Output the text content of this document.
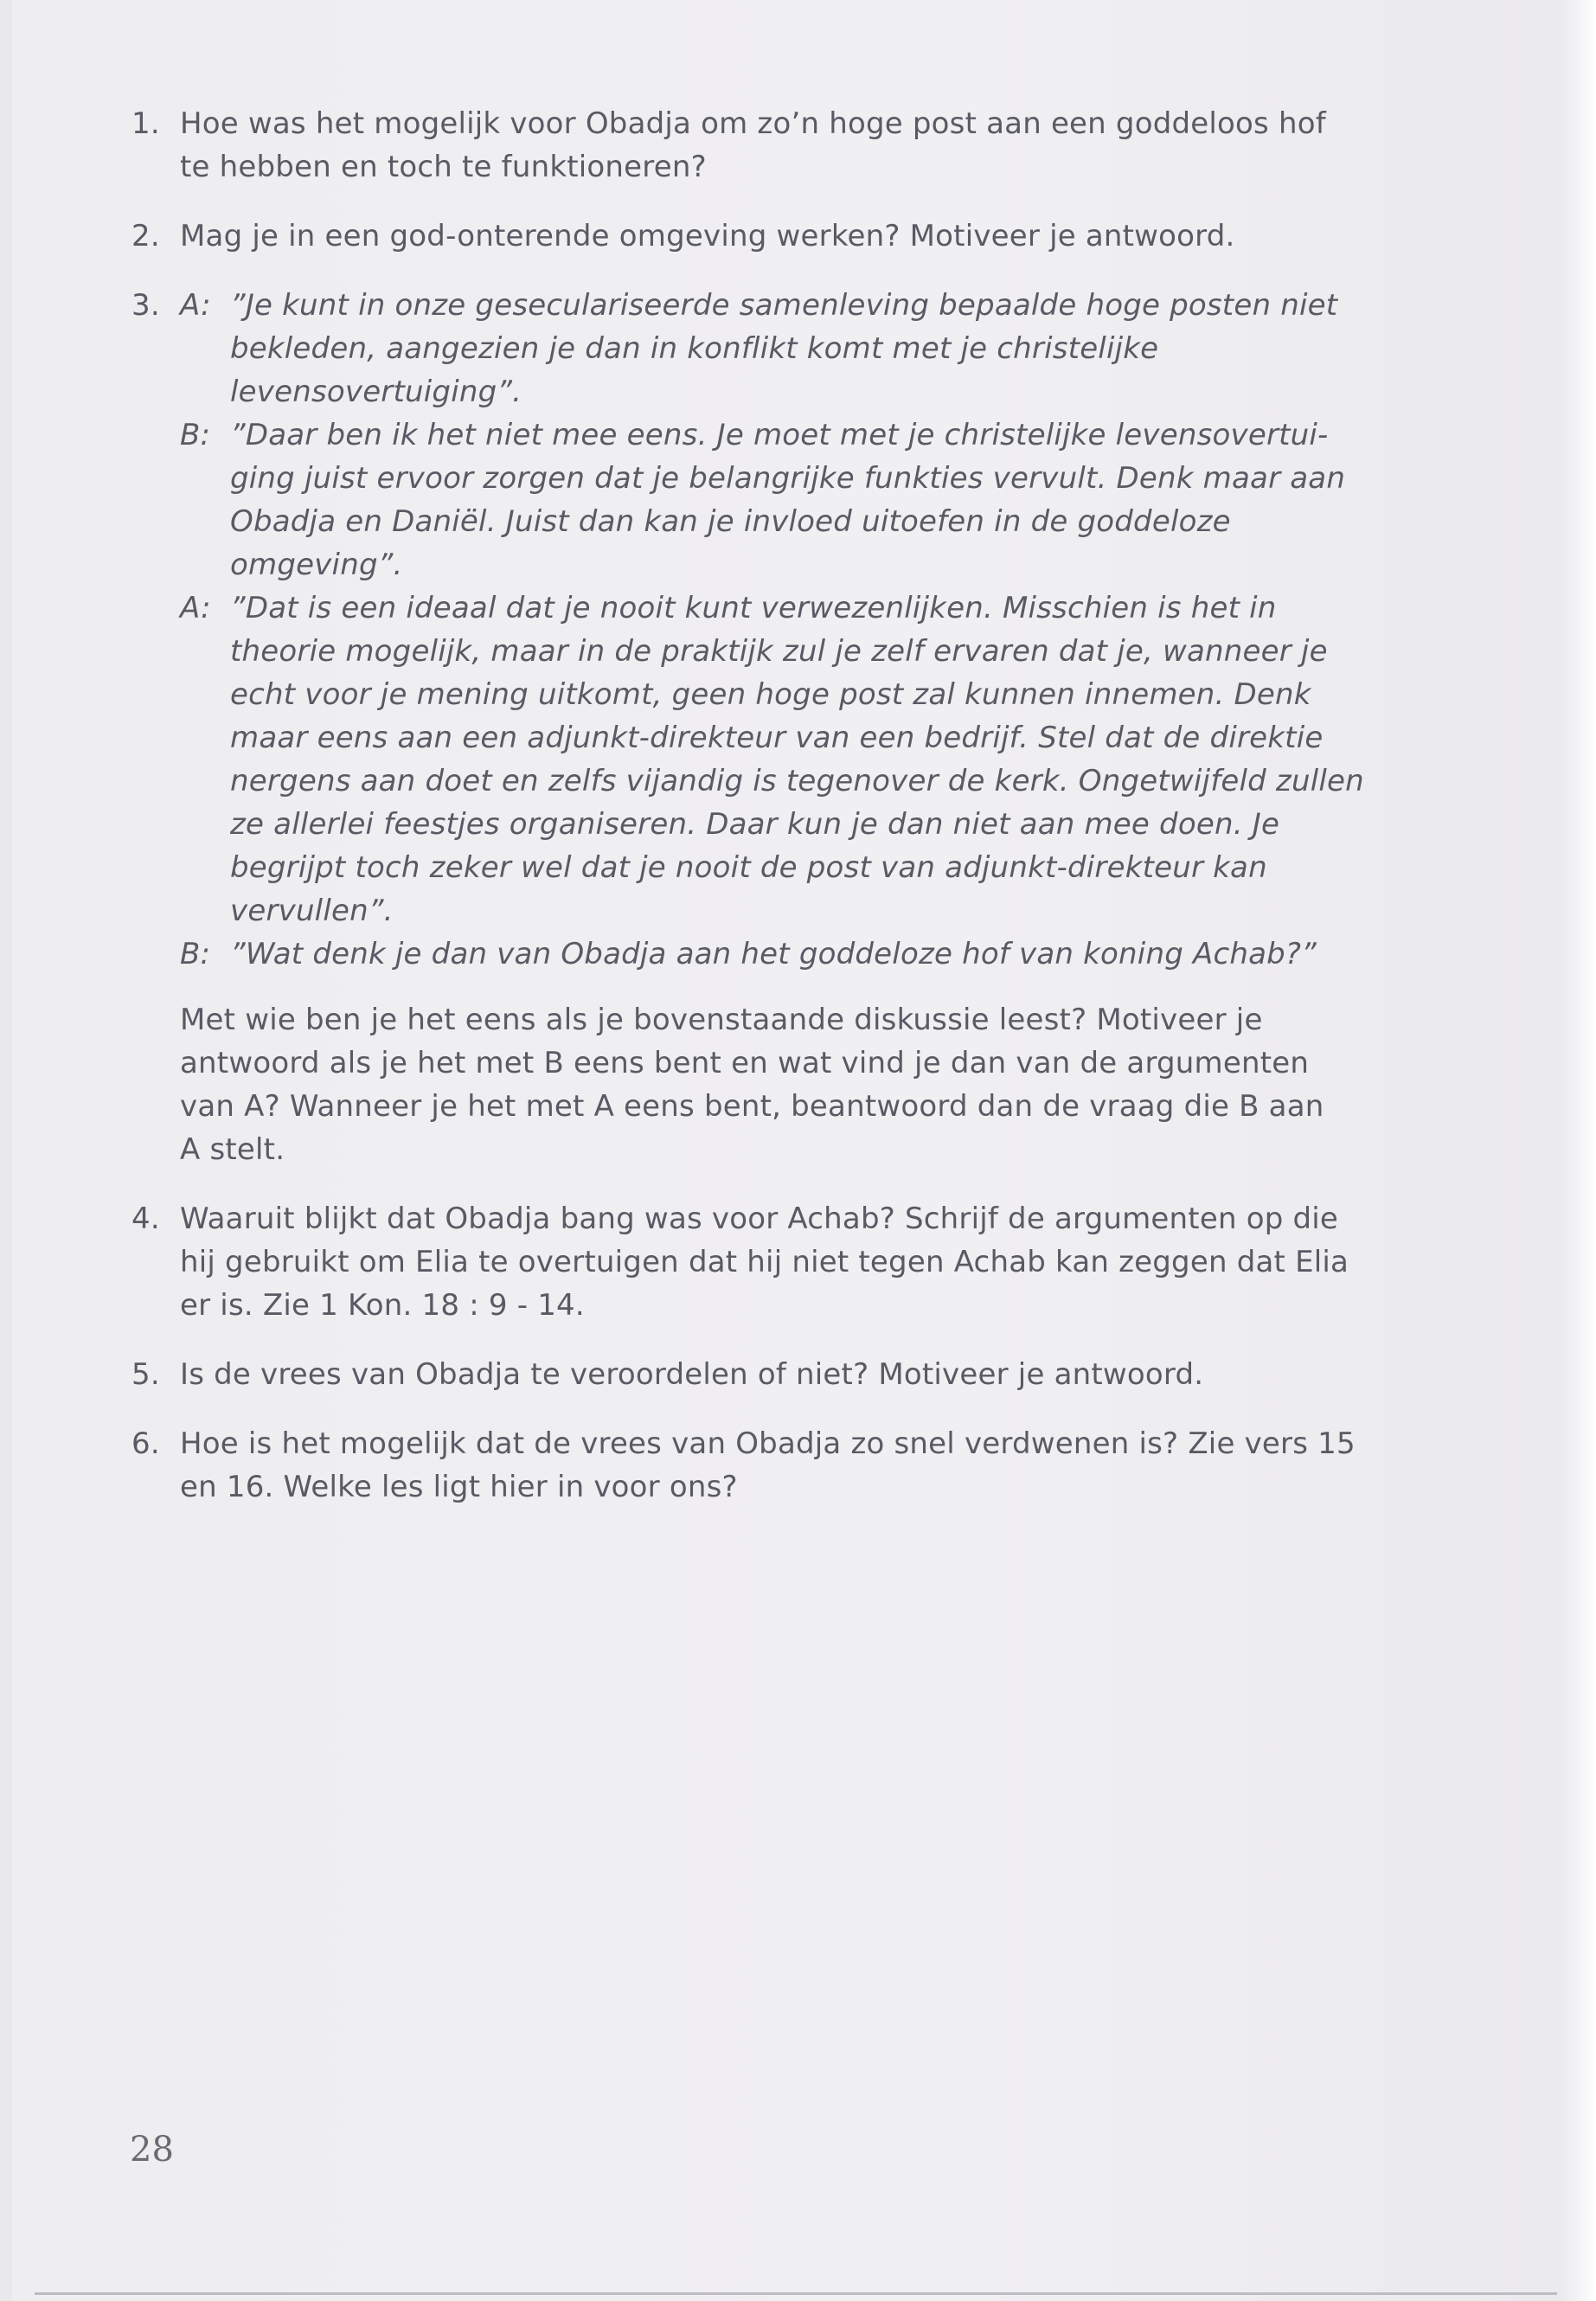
1. Hoe was het mogelijk voor Obadja om zo’n hoge post aan een goddeloos hof
te hebben en toch te funktioneren?
2. Mag je in een god-onterende omgeving werken? Motiveer je antwoord.
3. A: ”Je kunt in onze geseculariseerde samenleving bepaalde hoge posten niet
bekleden, aangezien je dan in konflikt komt met je christelijke
levensovertuiging”.
B: ”Daar ben ik het niet mee eens. Je moet met je christelijke levensovertui-
ging juist ervoor zorgen dat je belangrijke funkties vervult. Denk maar aan
Obadja en Daniël. Juist dan kan je invloed uitoefen in de goddeloze
omgeving”.
A: ”Dat is een ideaal dat je nooit kunt verwezenlijken. Misschien is het in
theorie mogelijk, maar in de praktijk zul je zelf ervaren dat je, wanneer je
echt voor je mening uitkomt, geen hoge post zal kunnen innemen. Denk
maar eens aan een adjunkt-direkteur van een bedrijf. Stel dat de direktie
nergens aan doet en zelfs vijandig is tegenover de kerk. Ongetwijfeld zullen
ze allerlei feestjes organiseren. Daar kun je dan niet aan mee doen. Je
begrijpt toch zeker wel dat je nooit de post van adjunkt-direkteur kan
vervullen”.
B: ”Wat denk je dan van Obadja aan het goddeloze hof van koning Achab?”
Met wie ben je het eens als je bovenstaande diskussie leest? Motiveer je
antwoord als je het met B eens bent en wat vind je dan van de argumenten
van A? Wanneer je het met A eens bent, beantwoord dan de vraag die B aan
A stelt.
4. Waaruit blijkt dat Obadja bang was voor Achab? Schrijf de argumenten op die
hij gebruikt om Elia te overtuigen dat hij niet tegen Achab kan zeggen dat Elia
er is. Zie 1 Kon. 18 : 9 - 14.
5. Is de vrees van Obadja te veroordelen of niet? Motiveer je antwoord.
6. Hoe is het mogelijk dat de vrees van Obadja zo snel verdwenen is? Zie vers 15
en 16. Welke les ligt hier in voor ons?
28
